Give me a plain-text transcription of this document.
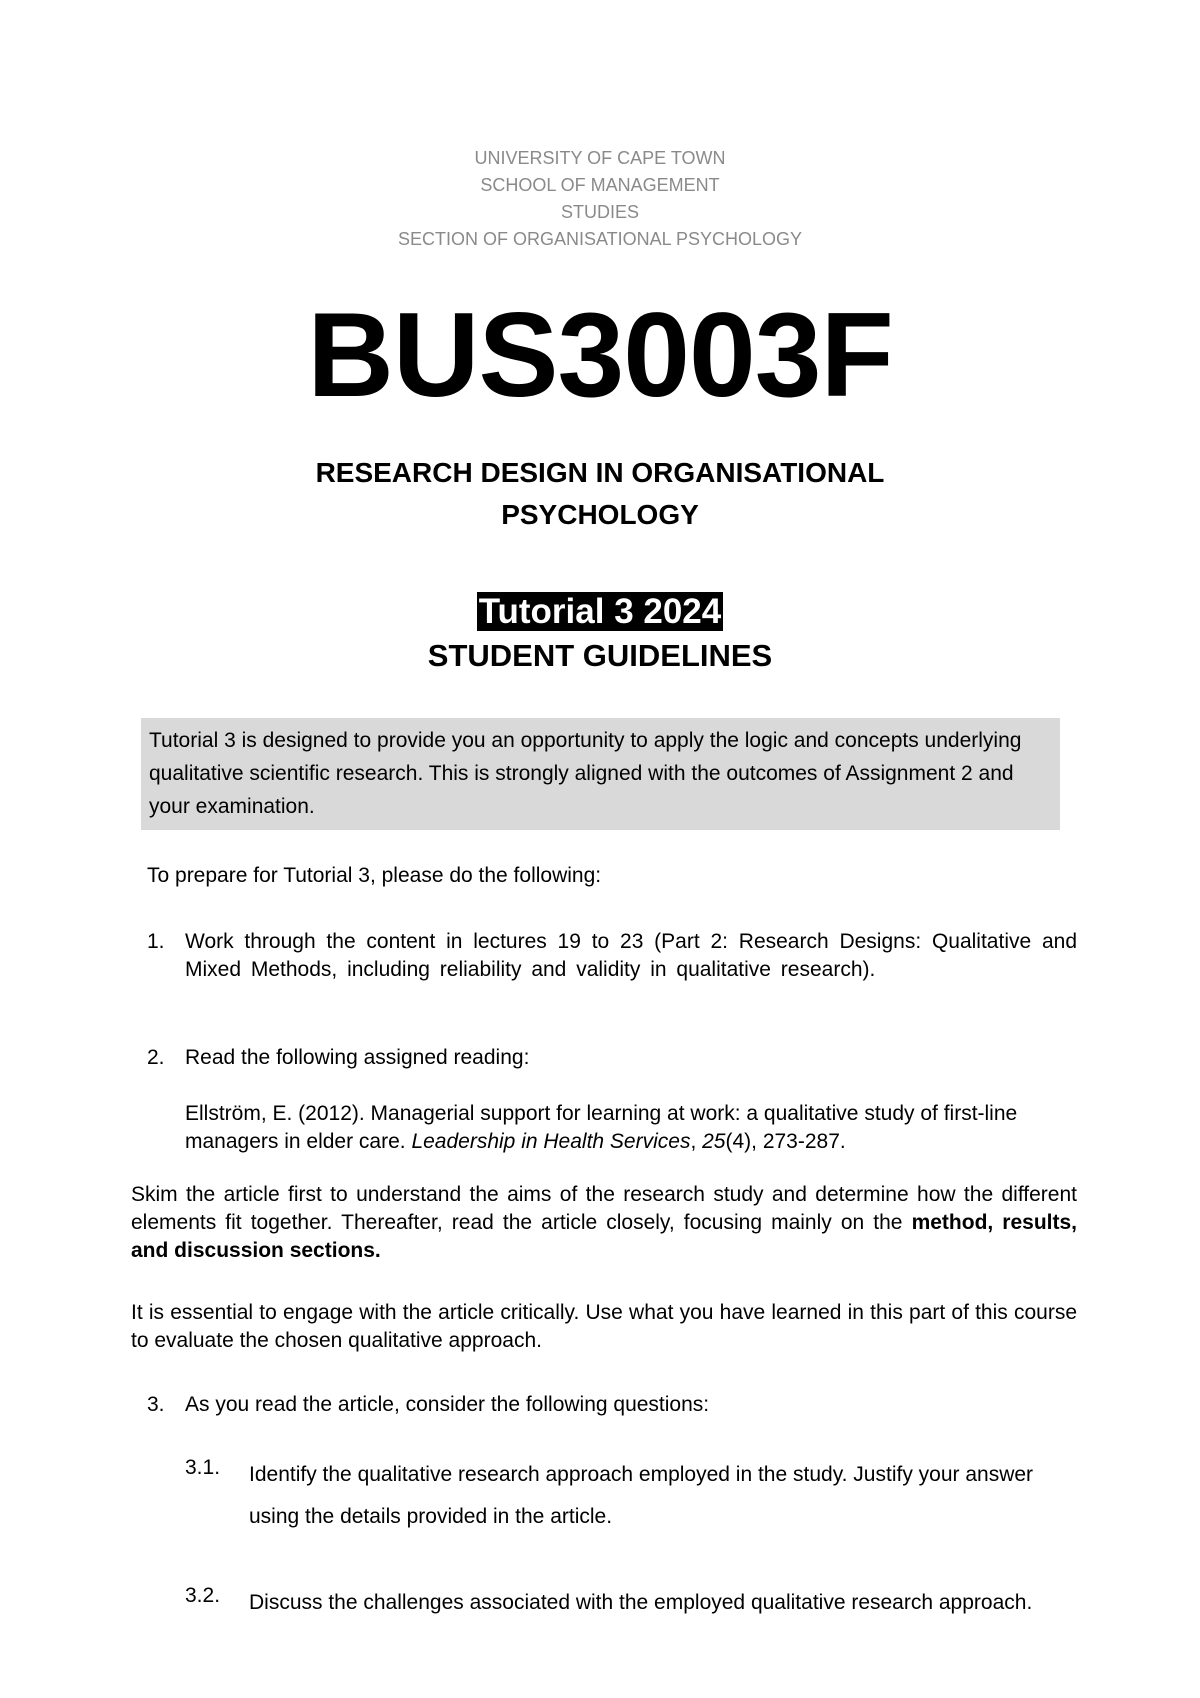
UNIVERSITY OF CAPE TOWN
SCHOOL OF MANAGEMENT
STUDIES
SECTION OF ORGANISATIONAL PSYCHOLOGY
BUS3003F
RESEARCH DESIGN IN ORGANISATIONAL
PSYCHOLOGY
Tutorial 3 2024
STUDENT GUIDELINES
Tutorial 3 is designed to provide you an opportunity to apply the logic and concepts underlying qualitative scientific research. This is strongly aligned with the outcomes of Assignment 2 and your examination.
To prepare for Tutorial 3, please do the following:
1. Work through the content in lectures 19 to 23 (Part 2: Research Designs: Qualitative and Mixed Methods, including reliability and validity in qualitative research).
2. Read the following assigned reading:
Ellström, E. (2012). Managerial support for learning at work: a qualitative study of first-line managers in elder care. Leadership in Health Services, 25(4), 273-287.
Skim the article first to understand the aims of the research study and determine how the different elements fit together. Thereafter, read the article closely, focusing mainly on the method, results, and discussion sections.
It is essential to engage with the article critically. Use what you have learned in this part of this course to evaluate the chosen qualitative approach.
3. As you read the article, consider the following questions:
3.1. Identify the qualitative research approach employed in the study. Justify your answer using the details provided in the article.
3.2. Discuss the challenges associated with the employed qualitative research approach.
